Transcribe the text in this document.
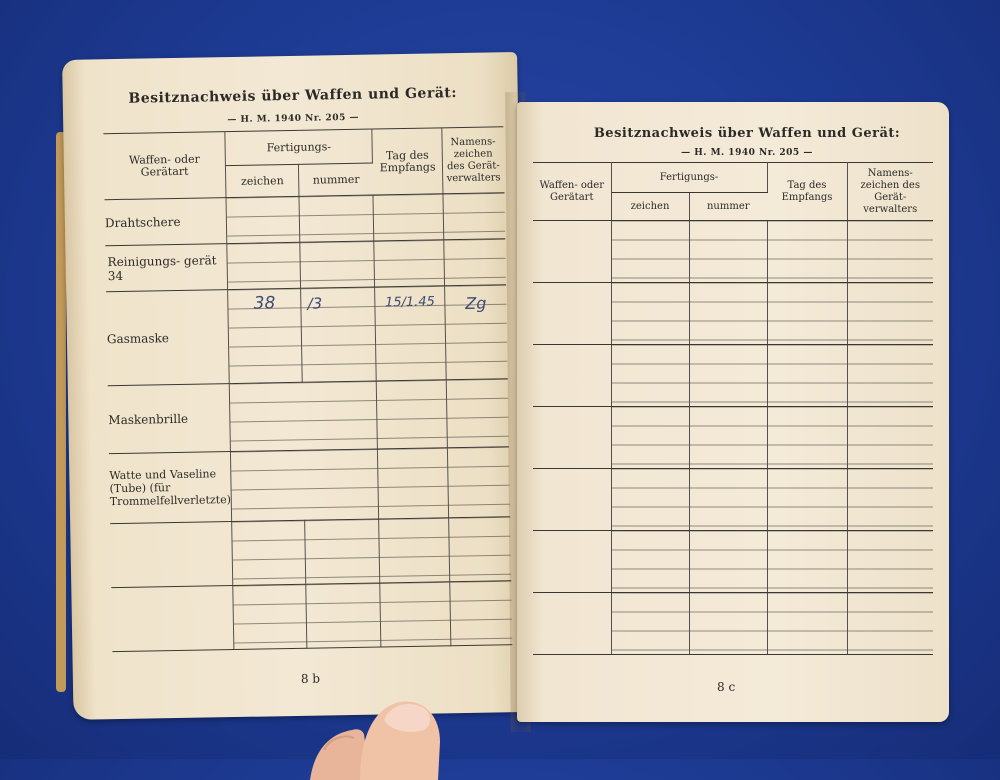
Besitznachweis über Waffen und Gerät:
— H. M. 1940 Nr. 205 —
Waffen- oder Gerätart	Fertigungs-		Tag des Empfangs	Namens- zeichen des Gerät- verwalters
	zeichen	nummer		
Drahtschere				
Reinigungs- gerät 34				
Gasmaske	38	/3	15/1.45	Zg
Maskenbrille				
Watte und Vaseline (Tube) (für Trommelfellverletzte)				

8 b
Besitznachweis über Waffen und Gerät:
— H. M. 1940 Nr. 205 —
Waffen- oder Gerätart	Fertigungs-		Tag des Empfangs	Namens- zeichen des Gerät- verwalters
	zeichen	nummer		

8 c
